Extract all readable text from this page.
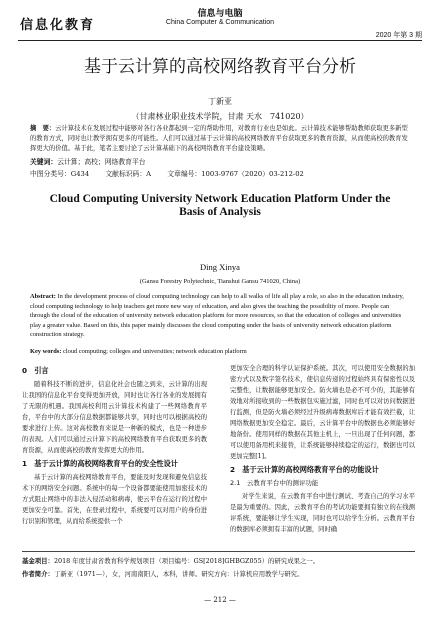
信息化教育
信息与电脑
China Computer & Communication
2020 年第 3 期
基于云计算的高校网络教育平台分析
丁新亚
（甘肃林业职业技术学院，甘肃 天水　741020）
摘　要：云计算技术在发展过程中能够对各行各业都起到一定的帮助作用，对教育行业也是如此。云计算技术能够帮助教师获取更多新型的教育方式，同时也让教学拥有更多的可能性。人们可以通过基于云计算的高校网络教育平台获取更多的教育资源，从而使高校的教育发挥更大的价值。基于此，笔者主要讨论了云计算基础下的高校网络教育平台建设策略。
关键词：云计算；高校；网络教育平台
中图分类号：G434 文献标识码：A 文章编号：1003-9767（2020）03-212-02
Cloud Computing University Network Education Platform Under the Basis of Analysis
Ding Xinya
(Gansu Forestry Polytechnic, Tianshui Gansu 741020, China)
Abstract: In the development process of cloud computing technology can help to all walks of life all play a role, so also in the education industry, cloud computing technology to help teachers get more new way of education, and also gives the teaching the possibility of more. People can through the cloud of the education of university network education platform for more resources, so that the education of colleges and universities play a greater value. Based on this, this paper mainly discusses the cloud computing under the basis of university network education platform construction strategy.
Key words: cloud computing; colleges and universities; network education platform
0　引言

随着科技不断的进步，信息化社会也随之到来，云计算的出现让我国的信息化平台变得更加开放，同时也让各行各业的发展拥有了无限的机遇。我国高校利用云计算技术构建了一些网络教育平台，平台中的大部分信息数据都能够共享，同时也可以根据高校的要求进行上传。这对高校教育来说是一种新的模式，也是一种进步的表现。人们可以通过云计算下的高校网络教育平台获取更多的教育资源，从而使高校的教育发挥更大的作用。

1　基于云计算的高校网络教育平台的安全性设计

基于云计算的高校网络教育平台，要能及时发现和避免信息技术下的网络安全问题。系统中的每一个设备都要能使用加密技术的方式阻止网络中的非法入侵活动和病毒，使云平台在运行的过程中更加安全可靠。首先，在登录过程中，系统要可以对用户的身份进行识别和管理，从而给系统提供一个

更加安全合理的科学认证保护系统。其次，可以使用安全数据的加密方式以及数字签名技术，使信息传递的过程始终具有保密性以及完整性，让数据能够更加安全。防火墙也是必不可少的，其能够有效地对所接收到的一些数据包实施过滤，同时也可以对访问数据进行监测，但是防火墙必须经过升级病毒数据库后才能有效拦截，让网络数据更加安全稳定。最后，云计算平台中的数据也必须能够好地备份。使用同样的数据在其他主机上，一旦出现了任何问题，都可以使用备用机来接替，让系统能够持续稳定的运行，数据也可以更加完整[1]。

2　基于云计算的高校网络教育平台的功能设计
2.1　云教育平台中的测评功能

对学生来说，在云教育平台中进行测试、考查自己的学习水平是最为重要的。因此，云教育平台的考试功能要拥有独立的在线测评系统，要能够让学生实现，同时也可以给学生分析。云教育平台的数据库必须拥有丰富的试题，同时确

基金项目：2018 年度甘肃省教育科学规划项目（项目编号：GS[2018]GHBGZ055）的研究成果之一。
作者简介：丁新亚（1971—），女，河南南阳人，本科，讲师。研究方向：计算机应用教学与研究。
— 212 —
